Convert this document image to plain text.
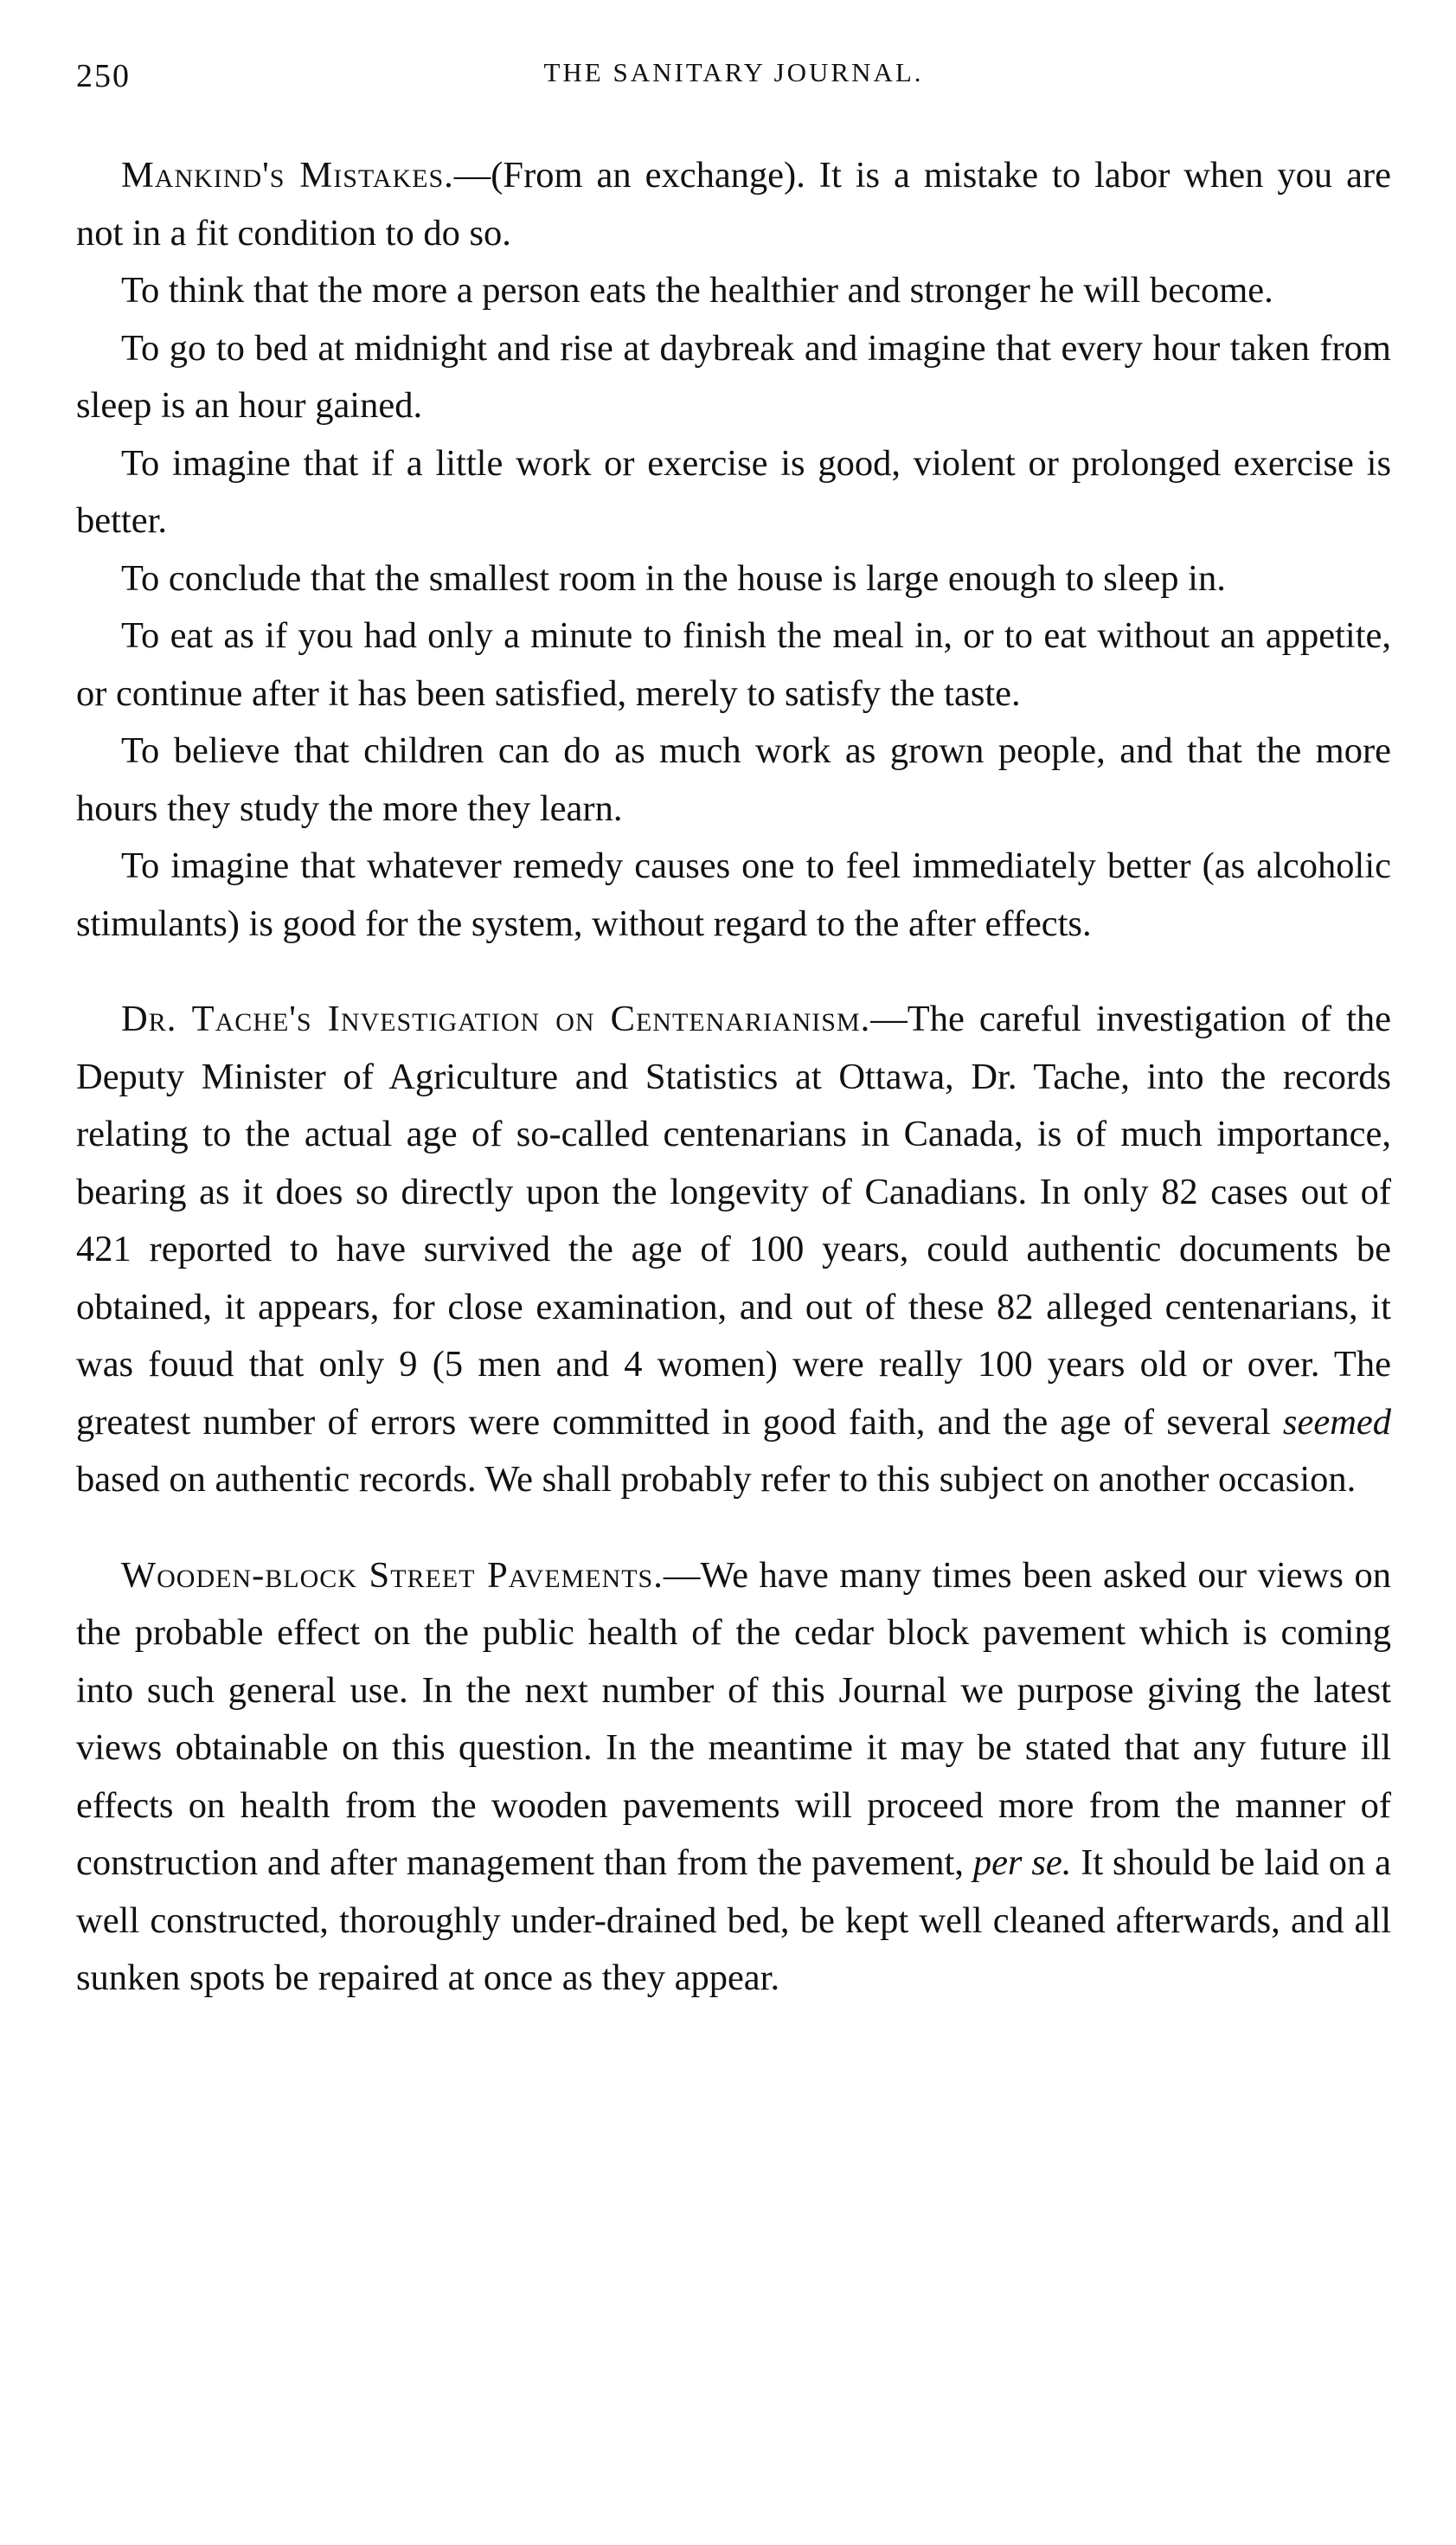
250	THE SANITARY JOURNAL.

Mankind's Mistakes.—(From an exchange). It is a mistake to labor when you are not in a fit condition to do so.

To think that the more a person eats the healthier and stronger he will become.

To go to bed at midnight and rise at daybreak and imagine that every hour taken from sleep is an hour gained.

To imagine that if a little work or exercise is good, violent or prolonged exercise is better.

To conclude that the smallest room in the house is large enough to sleep in.

To eat as if you had only a minute to finish the meal in, or to eat without an appetite, or continue after it has been satisfied, merely to satisfy the taste.

To believe that children can do as much work as grown people, and that the more hours they study the more they learn.

To imagine that whatever remedy causes one to feel immediately better (as alcoholic stimulants) is good for the system, without regard to the after effects.

Dr. Tache's Investigation on Centenarianism.—The careful investigation of the Deputy Minister of Agriculture and Statistics at Ottawa, Dr. Tache, into the records relating to the actual age of so-called centenarians in Canada, is of much importance, bearing as it does so directly upon the longevity of Canadians. In only 82 cases out of 421 reported to have survived the age of 100 years, could authentic documents be obtained, it appears, for close examination, and out of these 82 alleged centenarians, it was fouud that only 9 (5 men and 4 women) were really 100 years old or over. The greatest number of errors were committed in good faith, and the age of several seemed based on authentic records. We shall probably refer to this subject on another occasion.

Wooden-block Street Pavements.—We have many times been asked our views on the probable effect on the public health of the cedar block pavement which is coming into such general use. In the next number of this Journal we purpose giving the latest views obtainable on this question. In the meantime it may be stated that any future ill effects on health from the wooden pavements will proceed more from the manner of construction and after management than from the pavement, per se. It should be laid on a well constructed, thoroughly under-drained bed, be kept well cleaned afterwards, and all sunken spots be repaired at once as they appear.
